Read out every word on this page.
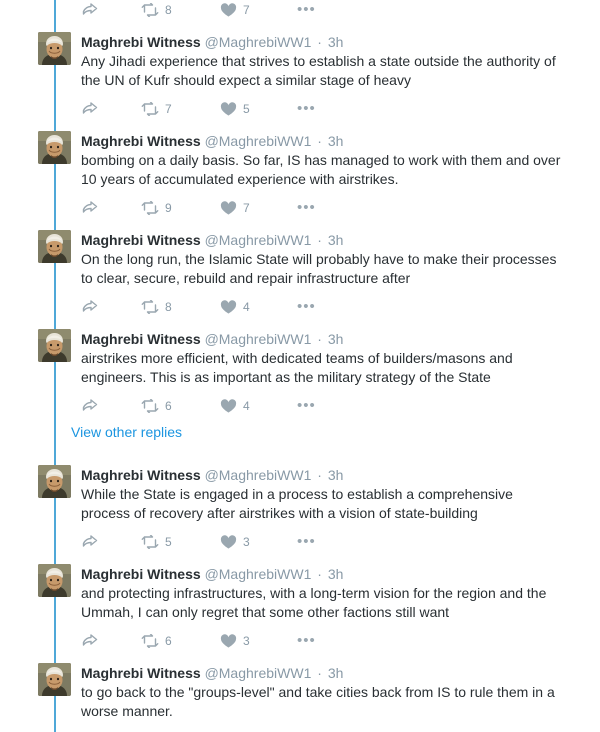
8	7	•••
Maghrebi Witness @MaghrebiWW1 · 3h
Any Jihadi experience that strives to establish a state outside the authority of the UN of Kufr should expect a similar stage of heavy
7	5	•••
Maghrebi Witness @MaghrebiWW1 · 3h
bombing on a daily basis. So far, IS has managed to work with them and over 10 years of accumulated experience with airstrikes.
9	7	•••
Maghrebi Witness @MaghrebiWW1 · 3h
On the long run, the Islamic State will probably have to make their processes to clear, secure, rebuild and repair infrastructure after
8	4	•••
Maghrebi Witness @MaghrebiWW1 · 3h
airstrikes more efficient, with dedicated teams of builders/masons and engineers. This is as important as the military strategy of the State
6	4	•••
View other replies
Maghrebi Witness @MaghrebiWW1 · 3h
While the State is engaged in a process to establish a comprehensive process of recovery after airstrikes with a vision of state-building
5	3	•••
Maghrebi Witness @MaghrebiWW1 · 3h
and protecting infrastructures, with a long-term vision for the region and the Ummah, I can only regret that some other factions still want
6	3	•••
Maghrebi Witness @MaghrebiWW1 · 3h
to go back to the "groups-level" and take cities back from IS to rule them in a worse manner.
